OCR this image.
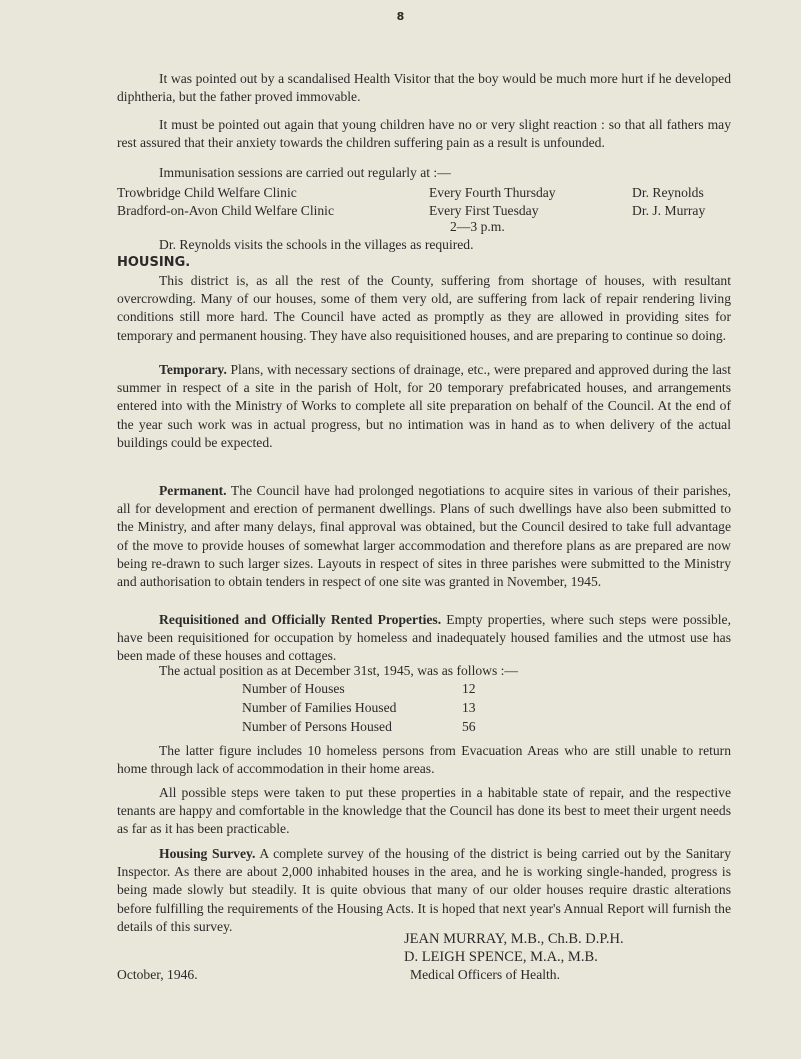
8
It was pointed out by a scandalised Health Visitor that the boy would be much more hurt if he developed diphtheria, but the father proved immovable.
It must be pointed out again that young children have no or very slight reaction : so that all fathers may rest assured that their anxiety towards the children suffering pain as a result is unfounded.
Immunisation sessions are carried out regularly at :—
Trowbridge Child Welfare Clinic	Every Fourth Thursday	Dr. Reynolds
Bradford-on-Avon Child Welfare Clinic	Every First Tuesday	Dr. J. Murray
2—3 p.m.
Dr. Reynolds visits the schools in the villages as required.
HOUSING.
This district is, as all the rest of the County, suffering from shortage of houses, with resultant overcrowding. Many of our houses, some of them very old, are suffering from lack of repair rendering living conditions still more hard. The Council have acted as promptly as they are allowed in providing sites for temporary and permanent housing. They have also requisitioned houses, and are preparing to continue so doing.
Temporary. Plans, with necessary sections of drainage, etc., were prepared and approved during the last summer in respect of a site in the parish of Holt, for 20 temporary prefabricated houses, and arrangements entered into with the Ministry of Works to complete all site preparation on behalf of the Council. At the end of the year such work was in actual progress, but no intimation was in hand as to when delivery of the actual buildings could be expected.
Permanent. The Council have had prolonged negotiations to acquire sites in various of their parishes, all for development and erection of permanent dwellings. Plans of such dwellings have also been submitted to the Ministry, and after many delays, final approval was obtained, but the Council desired to take full advantage of the move to provide houses of somewhat larger accommodation and therefore plans as are prepared are now being re-drawn to such larger sizes. Layouts in respect of sites in three parishes were submitted to the Ministry and authorisation to obtain tenders in respect of one site was granted in November, 1945.
Requisitioned and Officially Rented Properties. Empty properties, where such steps were possible, have been requisitioned for occupation by homeless and inadequately housed families and the utmost use has been made of these houses and cottages.
The actual position as at December 31st, 1945, was as follows :—
Number of Houses	12
Number of Families Housed	13
Number of Persons Housed	56
The latter figure includes 10 homeless persons from Evacuation Areas who are still unable to return home through lack of accommodation in their home areas.
All possible steps were taken to put these properties in a habitable state of repair, and the respective tenants are happy and comfortable in the knowledge that the Council has done its best to meet their urgent needs as far as it has been practicable.
Housing Survey. A complete survey of the housing of the district is being carried out by the Sanitary Inspector. As there are about 2,000 inhabited houses in the area, and he is working single-handed, progress is being made slowly but steadily. It is quite obvious that many of our older houses require drastic alterations before fulfilling the requirements of the Housing Acts. It is hoped that next year's Annual Report will furnish the details of this survey.
JEAN MURRAY, M.B., Ch.B. D.P.H.
D. LEIGH SPENCE, M.A., M.B.
Medical Officers of Health.
October, 1946.
